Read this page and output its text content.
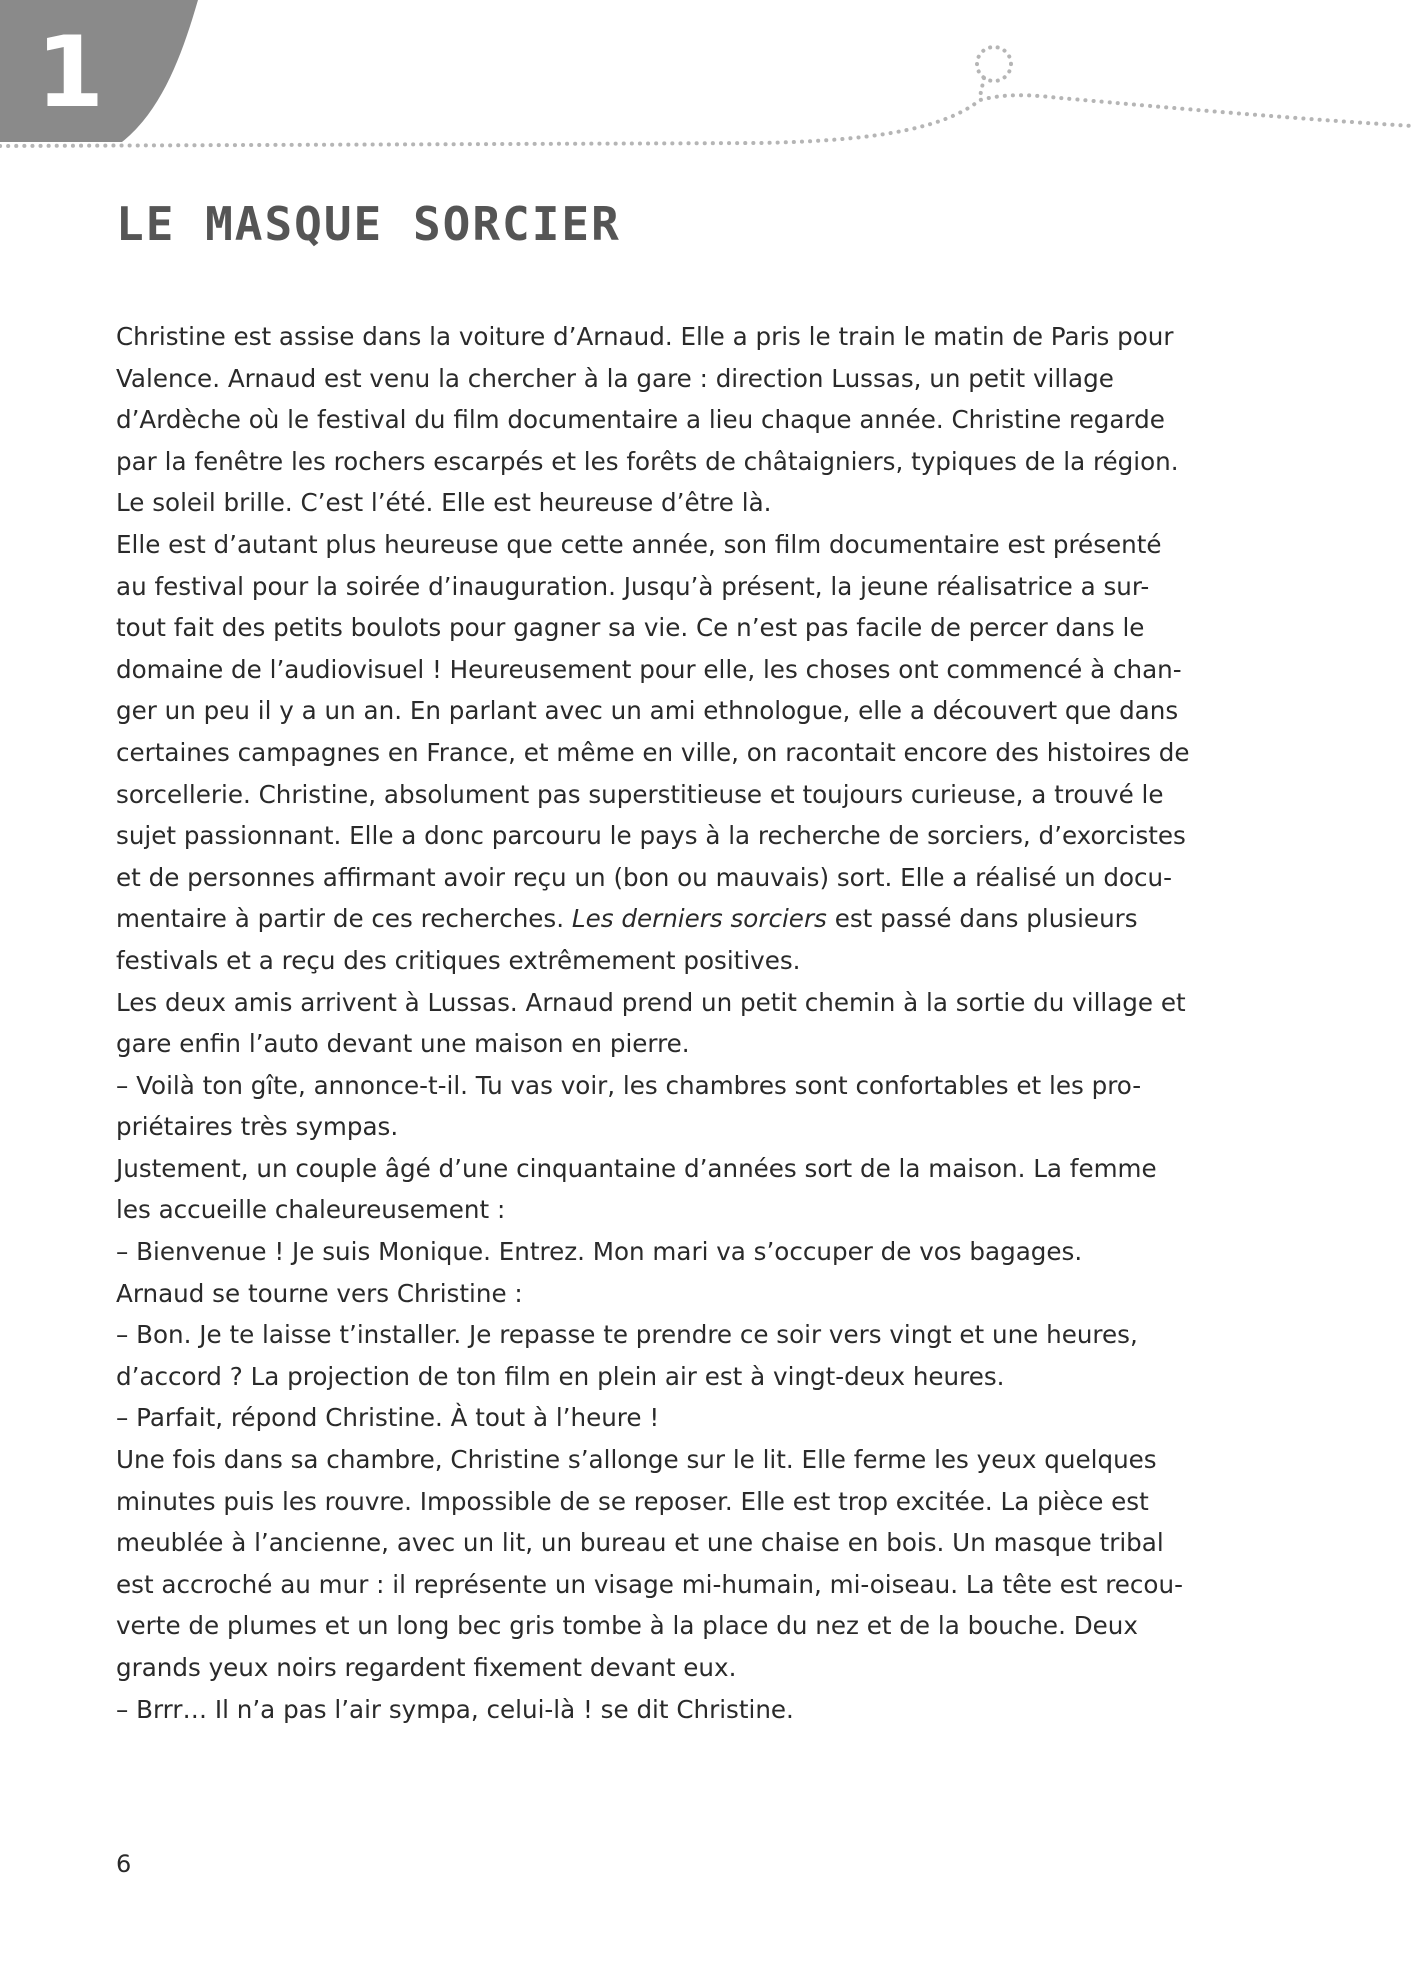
1
LE MASQUE SORCIER
Christine est assise dans la voiture d’Arnaud. Elle a pris le train le matin de Paris pour
Valence. Arnaud est venu la chercher à la gare : direction Lussas, un petit village
d’Ardèche où le festival du film documentaire a lieu chaque année. Christine regarde
par la fenêtre les rochers escarpés et les forêts de châtaigniers, typiques de la région.
Le soleil brille. C’est l’été. Elle est heureuse d’être là.
Elle est d’autant plus heureuse que cette année, son film documentaire est présenté
au festival pour la soirée d’inauguration. Jusqu’à présent, la jeune réalisatrice a sur-
tout fait des petits boulots pour gagner sa vie. Ce n’est pas facile de percer dans le
domaine de l’audiovisuel ! Heureusement pour elle, les choses ont commencé à chan-
ger un peu il y a un an. En parlant avec un ami ethnologue, elle a découvert que dans
certaines campagnes en France, et même en ville, on racontait encore des histoires de
sorcellerie. Christine, absolument pas superstitieuse et toujours curieuse, a trouvé le
sujet passionnant. Elle a donc parcouru le pays à la recherche de sorciers, d’exorcistes
et de personnes affirmant avoir reçu un (bon ou mauvais) sort. Elle a réalisé un docu-
mentaire à partir de ces recherches. Les derniers sorciers est passé dans plusieurs
festivals et a reçu des critiques extrêmement positives.
Les deux amis arrivent à Lussas. Arnaud prend un petit chemin à la sortie du village et
gare enfin l’auto devant une maison en pierre.
– Voilà ton gîte, annonce-t-il. Tu vas voir, les chambres sont confortables et les pro-
priétaires très sympas.
Justement, un couple âgé d’une cinquantaine d’années sort de la maison. La femme
les accueille chaleureusement :
– Bienvenue ! Je suis Monique. Entrez. Mon mari va s’occuper de vos bagages.
Arnaud se tourne vers Christine :
– Bon. Je te laisse t’installer. Je repasse te prendre ce soir vers vingt et une heures,
d’accord ? La projection de ton film en plein air est à vingt-deux heures.
– Parfait, répond Christine. À tout à l’heure !
Une fois dans sa chambre, Christine s’allonge sur le lit. Elle ferme les yeux quelques
minutes puis les rouvre. Impossible de se reposer. Elle est trop excitée. La pièce est
meublée à l’ancienne, avec un lit, un bureau et une chaise en bois. Un masque tribal
est accroché au mur : il représente un visage mi-humain, mi-oiseau. La tête est recou-
verte de plumes et un long bec gris tombe à la place du nez et de la bouche. Deux
grands yeux noirs regardent fixement devant eux.
– Brrr… Il n’a pas l’air sympa, celui-là ! se dit Christine.
6
